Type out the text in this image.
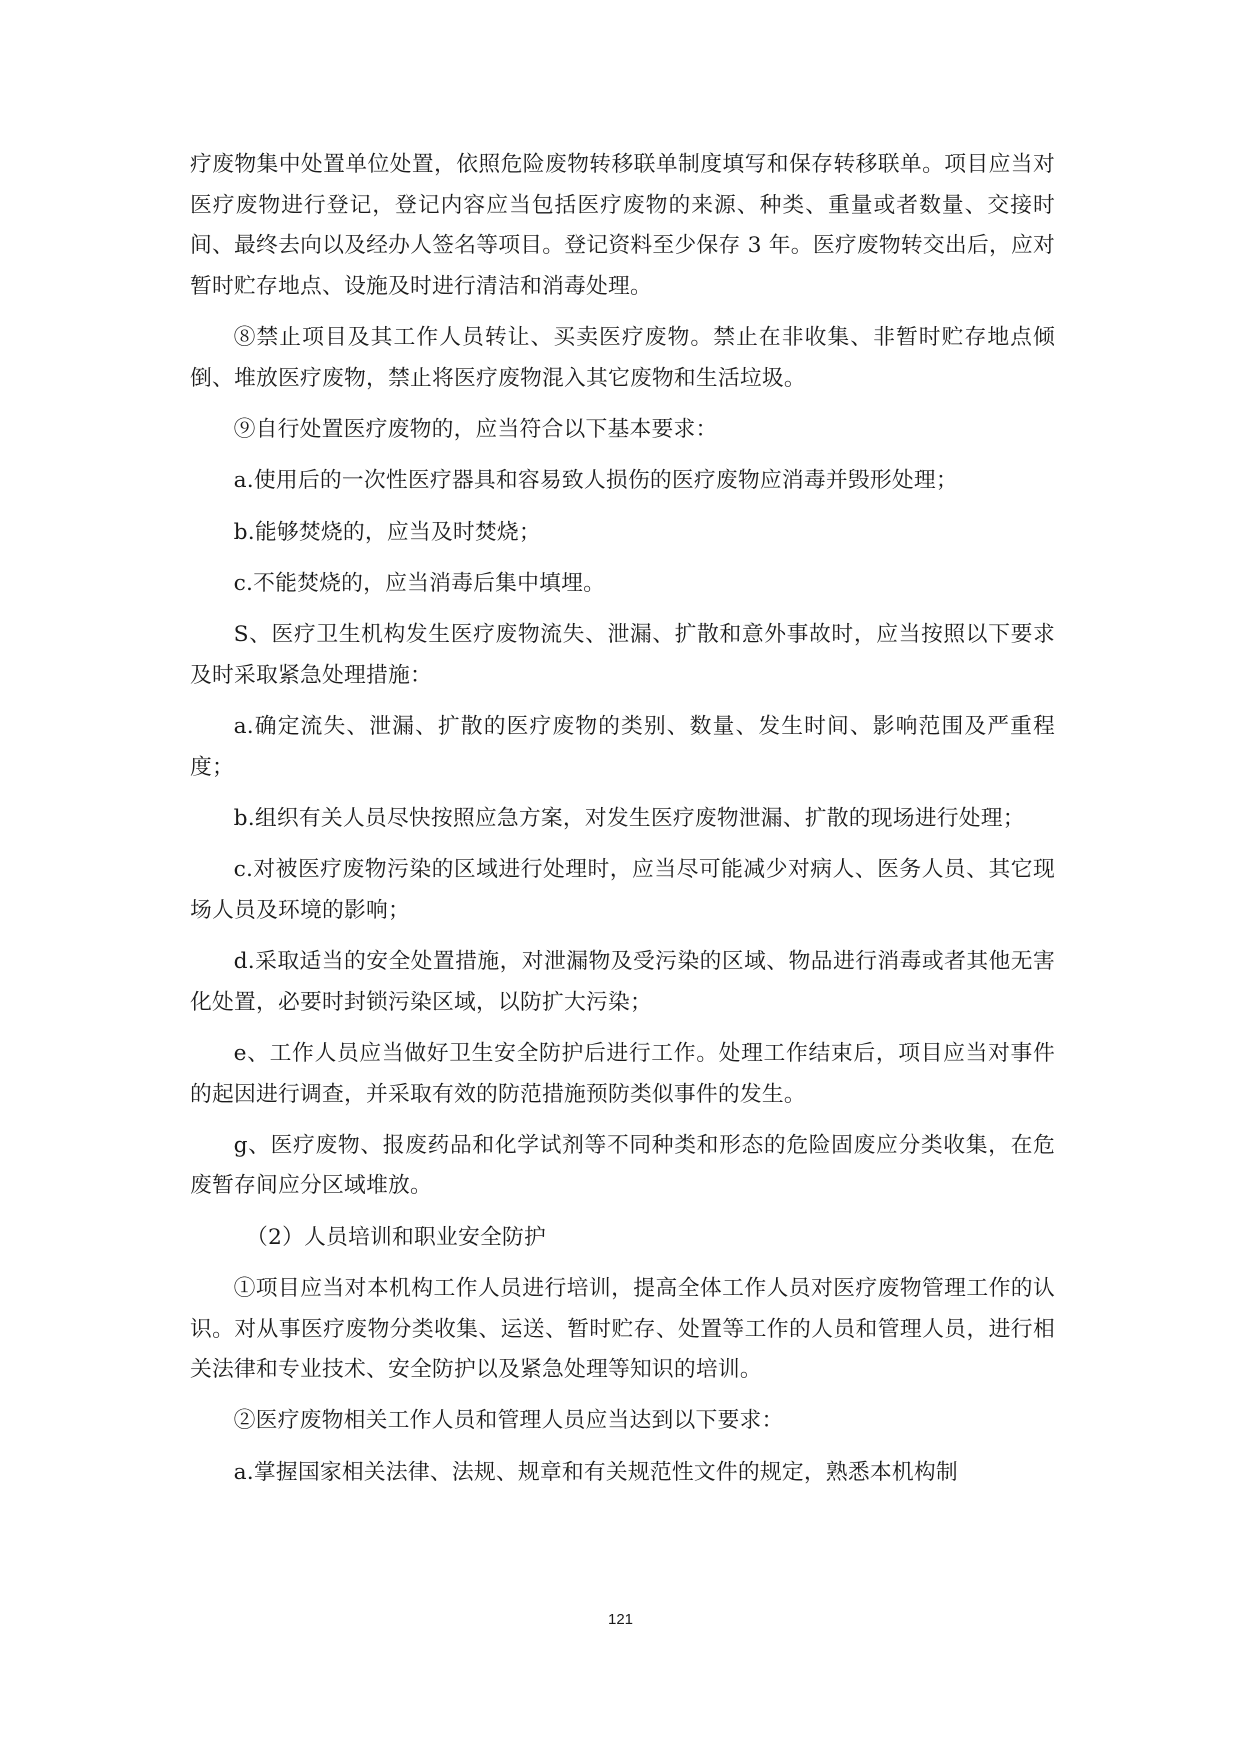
疗废物集中处置单位处置，依照危险废物转移联单制度填写和保存转移联单。项目应当对医疗废物进行登记，登记内容应当包括医疗废物的来源、种类、重量或者数量、交接时间、最终去向以及经办人签名等项目。登记资料至少保存 3 年。医疗废物转交出后，应对暂时贮存地点、设施及时进行清洁和消毒处理。

⑧禁止项目及其工作人员转让、买卖医疗废物。禁止在非收集、非暂时贮存地点倾倒、堆放医疗废物，禁止将医疗废物混入其它废物和生活垃圾。

⑨自行处置医疗废物的，应当符合以下基本要求：

a.使用后的一次性医疗器具和容易致人损伤的医疗废物应消毒并毁形处理；

b.能够焚烧的，应当及时焚烧；

c.不能焚烧的，应当消毒后集中填埋。

S、医疗卫生机构发生医疗废物流失、泄漏、扩散和意外事故时，应当按照以下要求及时采取紧急处理措施：

a.确定流失、泄漏、扩散的医疗废物的类别、数量、发生时间、影响范围及严重程度；

b.组织有关人员尽快按照应急方案，对发生医疗废物泄漏、扩散的现场进行处理；

c.对被医疗废物污染的区域进行处理时，应当尽可能减少对病人、医务人员、其它现场人员及环境的影响；

d.采取适当的安全处置措施，对泄漏物及受污染的区域、物品进行消毒或者其他无害化处置，必要时封锁污染区域，以防扩大污染；

e、工作人员应当做好卫生安全防护后进行工作。处理工作结束后，项目应当对事件的起因进行调查，并采取有效的防范措施预防类似事件的发生。

g、医疗废物、报废药品和化学试剂等不同种类和形态的危险固废应分类收集，在危废暂存间应分区域堆放。

（2）人员培训和职业安全防护

①项目应当对本机构工作人员进行培训，提高全体工作人员对医疗废物管理工作的认识。对从事医疗废物分类收集、运送、暂时贮存、处置等工作的人员和管理人员，进行相关法律和专业技术、安全防护以及紧急处理等知识的培训。

②医疗废物相关工作人员和管理人员应当达到以下要求：

a.掌握国家相关法律、法规、规章和有关规范性文件的规定，熟悉本机构制

121
